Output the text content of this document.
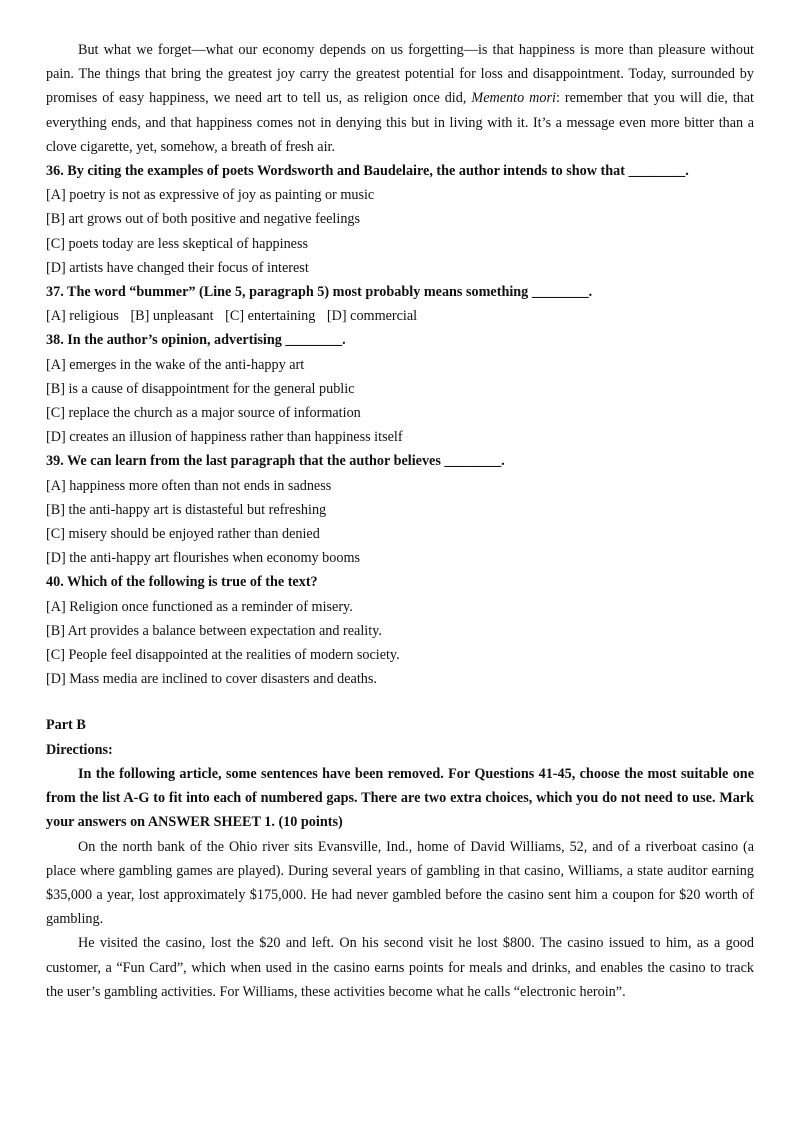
But what we forget—what our economy depends on us forgetting—is that happiness is more than pleasure without pain. The things that bring the greatest joy carry the greatest potential for loss and disappointment. Today, surrounded by promises of easy happiness, we need art to tell us, as religion once did, Memento mori: remember that you will die, that everything ends, and that happiness comes not in denying this but in living with it. It’s a message even more bitter than a clove cigarette, yet, somehow, a breath of fresh air.

36. By citing the examples of poets Wordsworth and Baudelaire, the author intends to show that ________.

[A] poetry is not as expressive of joy as painting or music

[B] art grows out of both positive and negative feelings

[C] poets today are less skeptical of happiness

[D] artists have changed their focus of interest

37. The word “bummer” (Line 5, paragraph 5) most probably means something ________.

[A] religious [B] unpleasant [C] entertaining [D] commercial

38. In the author’s opinion, advertising ________.

[A] emerges in the wake of the anti-happy art

[B] is a cause of disappointment for the general public

[C] replace the church as a major source of information

[D] creates an illusion of happiness rather than happiness itself

39. We can learn from the last paragraph that the author believes ________.

[A] happiness more often than not ends in sadness

[B] the anti-happy art is distasteful but refreshing

[C] misery should be enjoyed rather than denied

[D] the anti-happy art flourishes when economy booms

40. Which of the following is true of the text?

[A] Religion once functioned as a reminder of misery.

[B] Art provides a balance between expectation and reality.

[C] People feel disappointed at the realities of modern society.

[D] Mass media are inclined to cover disasters and deaths.

Part B

Directions:

In the following article, some sentences have been removed. For Questions 41-45, choose the most suitable one from the list A-G to fit into each of numbered gaps. There are two extra choices, which you do not need to use. Mark your answers on ANSWER SHEET 1. (10 points)

On the north bank of the Ohio river sits Evansville, Ind., home of David Williams, 52, and of a riverboat casino (a place where gambling games are played). During several years of gambling in that casino, Williams, a state auditor earning $35,000 a year, lost approximately $175,000. He had never gambled before the casino sent him a coupon for $20 worth of gambling.

He visited the casino, lost the $20 and left. On his second visit he lost $800. The casino issued to him, as a good customer, a “Fun Card”, which when used in the casino earns points for meals and drinks, and enables the casino to track the user’s gambling activities. For Williams, these activities become what he calls “electronic heroin”.
